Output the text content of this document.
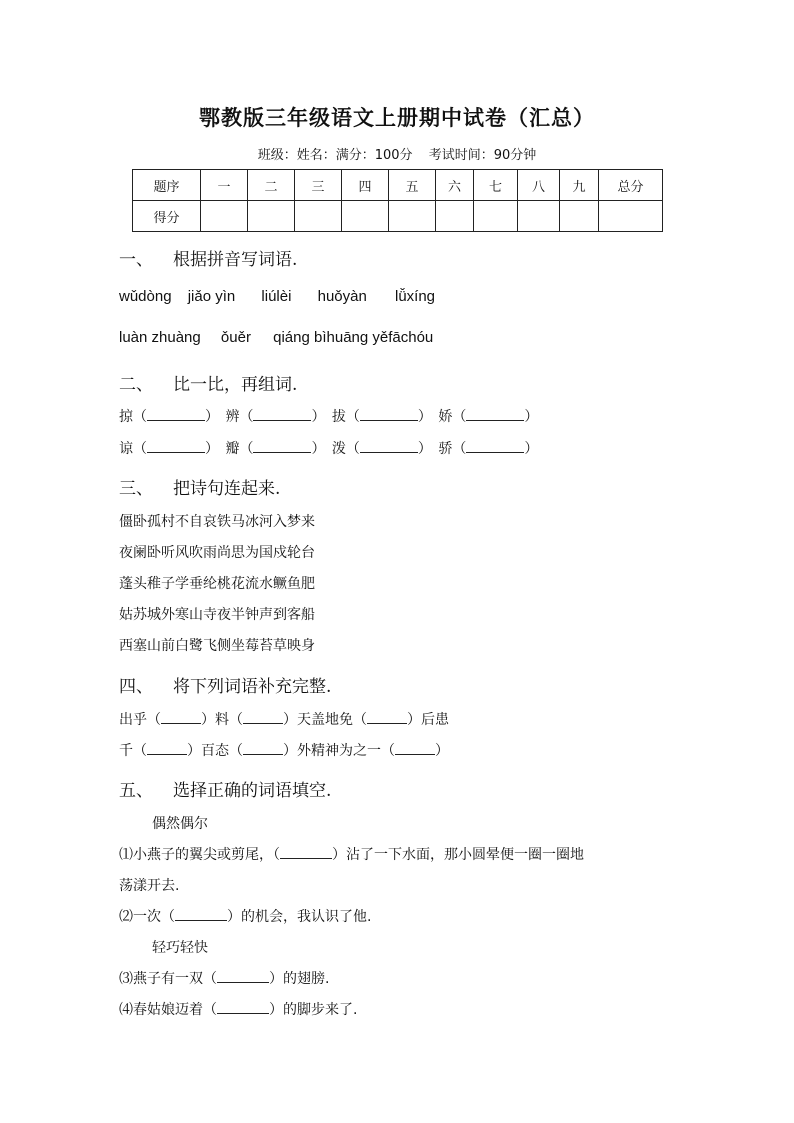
鄂教版三年级语文上册期中试卷（汇总）
班级：姓名：满分：100分 考试时间：90分钟
题序	一	二	三	四	五	六	七	八	九	总分
得分										
一、 根据拼音写词语.
wǔdòng jiǎo yìn liúlèi huǒyàn lǚxíng
luàn zhuàng ǒuěr qiáng bìhuāng yěfāchóu
二、 比一比，再组词.
掠（	） 辨（	） 拔（	） 娇（	）
谅（	） 瓣（	） 泼（	） 骄（	）
三、 把诗句连起来.
僵卧孤村不自哀铁马冰河入梦来
夜阑卧听风吹雨尚思为国戍轮台
蓬头稚子学垂纶桃花流水鳜鱼肥
姑苏城外寒山寺夜半钟声到客船
西塞山前白鹭飞侧坐莓苔草映身
四、 将下列词语补充完整.
出乎（	）料（	）天盖地免（	）后患
千（	）百态（	）外精神为之一（	）
五、 选择正确的词语填空.
偶然偶尔
⑴小燕子的翼尖或剪尾，（	）沾了一下水面，那小圆晕便一圈一圈地
荡漾开去.
⑵一次（	）的机会，我认识了他.
轻巧轻快
⑶燕子有一双（	）的翅膀.
⑷春姑娘迈着（	）的脚步来了.
